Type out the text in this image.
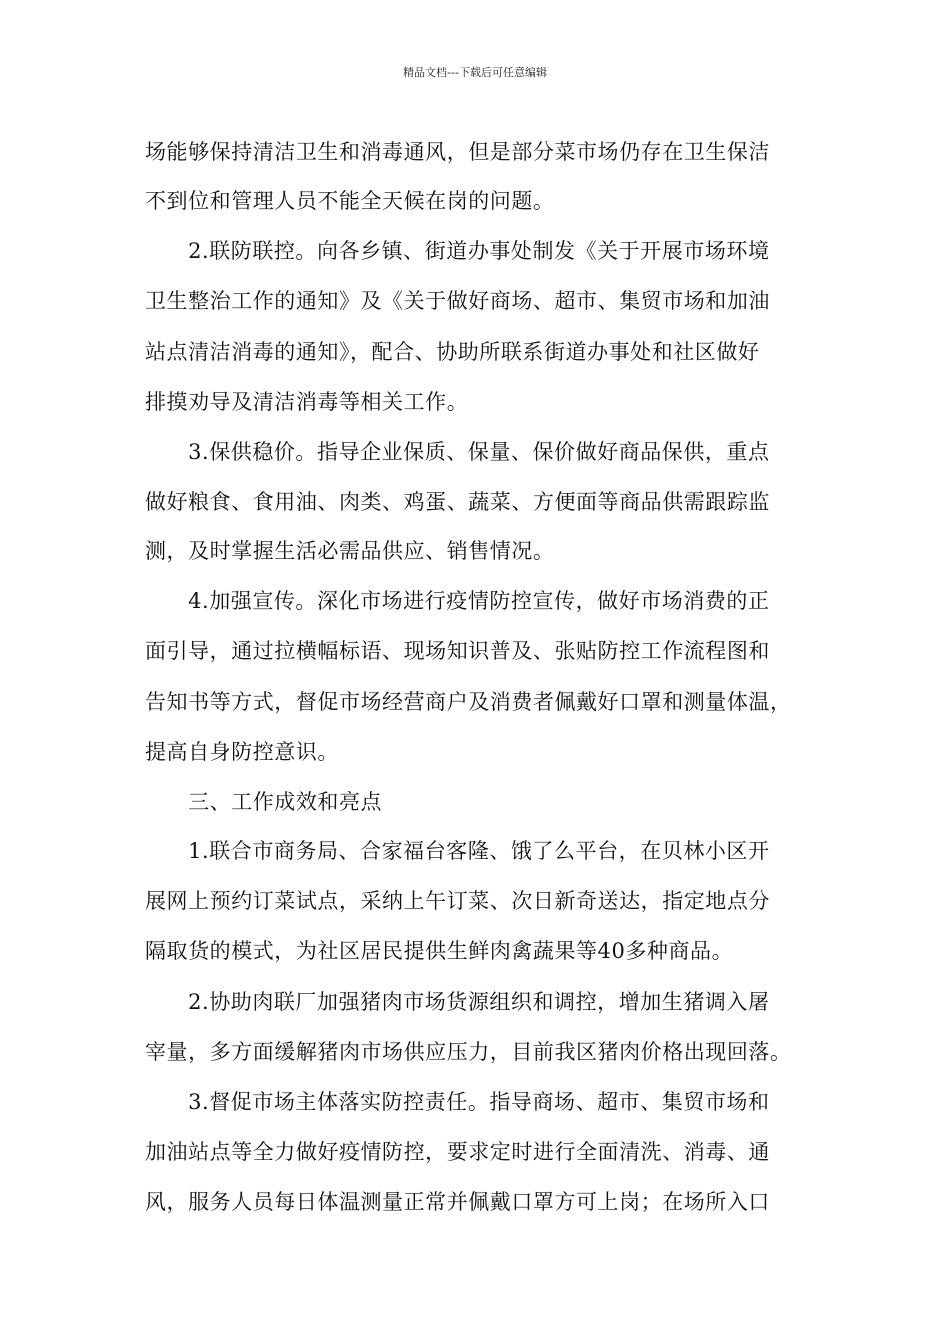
精品文档---下载后可任意编辑
场能够保持清洁卫生和消毒通风，但是部分菜市场仍存在卫生保洁
不到位和管理人员不能全天候在岗的问题。
　　2.联防联控。向各乡镇、街道办事处制发《关于开展市场环境
卫生整治工作的通知》及《关于做好商场、超市、集贸市场和加油
站点清洁消毒的通知》，配合、协助所联系街道办事处和社区做好
排摸劝导及清洁消毒等相关工作。
　　3.保供稳价。指导企业保质、保量、保价做好商品保供，重点
做好粮食、食用油、肉类、鸡蛋、蔬菜、方便面等商品供需跟踪监
测，及时掌握生活必需品供应、销售情况。
　　4.加强宣传。深化市场进行疫情防控宣传，做好市场消费的正
面引导，通过拉横幅标语、现场知识普及、张贴防控工作流程图和
告知书等方式，督促市场经营商户及消费者佩戴好口罩和测量体温，
提高自身防控意识。
　　三、工作成效和亮点
　　1.联合市商务局、合家福台客隆、饿了么平台，在贝林小区开
展网上预约订菜试点，采纳上午订菜、次日新奇送达，指定地点分
隔取货的模式，为社区居民提供生鲜肉禽蔬果等40多种商品。
　　2.协助肉联厂加强猪肉市场货源组织和调控，增加生猪调入屠
宰量，多方面缓解猪肉市场供应压力，目前我区猪肉价格出现回落。
　　3.督促市场主体落实防控责任。指导商场、超市、集贸市场和
加油站点等全力做好疫情防控，要求定时进行全面清洗、消毒、通
风，服务人员每日体温测量正常并佩戴口罩方可上岗；在场所入口
